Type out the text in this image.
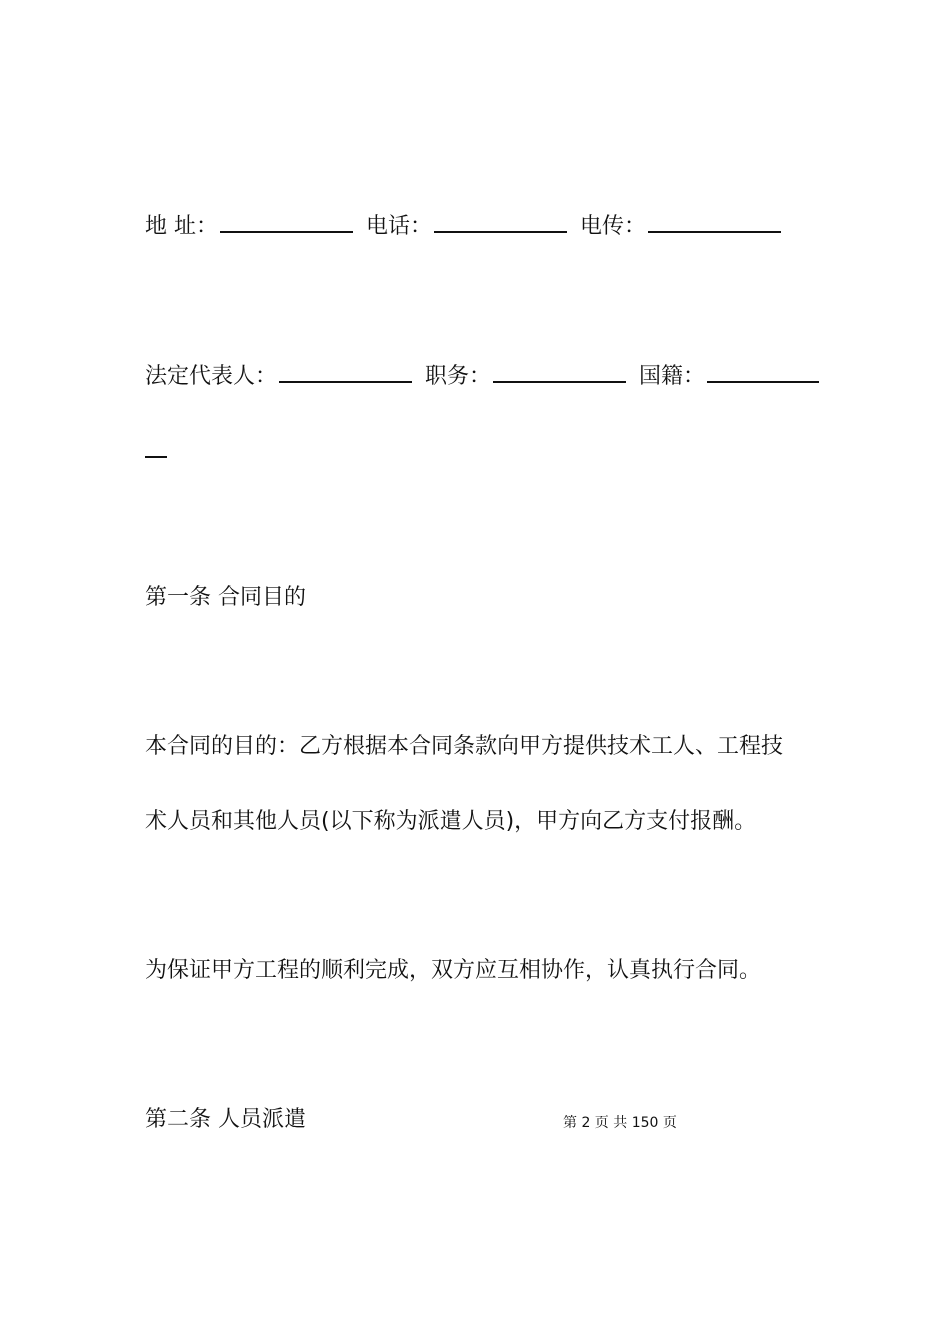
地 址：	电话：	电传：
法定代表人：	职务：	国籍：
第一条 合同目的

本合同的目的：乙方根据本合同条款向甲方提供技术工人、工程技

术人员和其他人员(以下称为派遣人员)，甲方向乙方支付报酬。

为保证甲方工程的顺利完成，双方应互相协作，认真执行合同。

第二条 人员派遣	第 2 页 共 150 页
